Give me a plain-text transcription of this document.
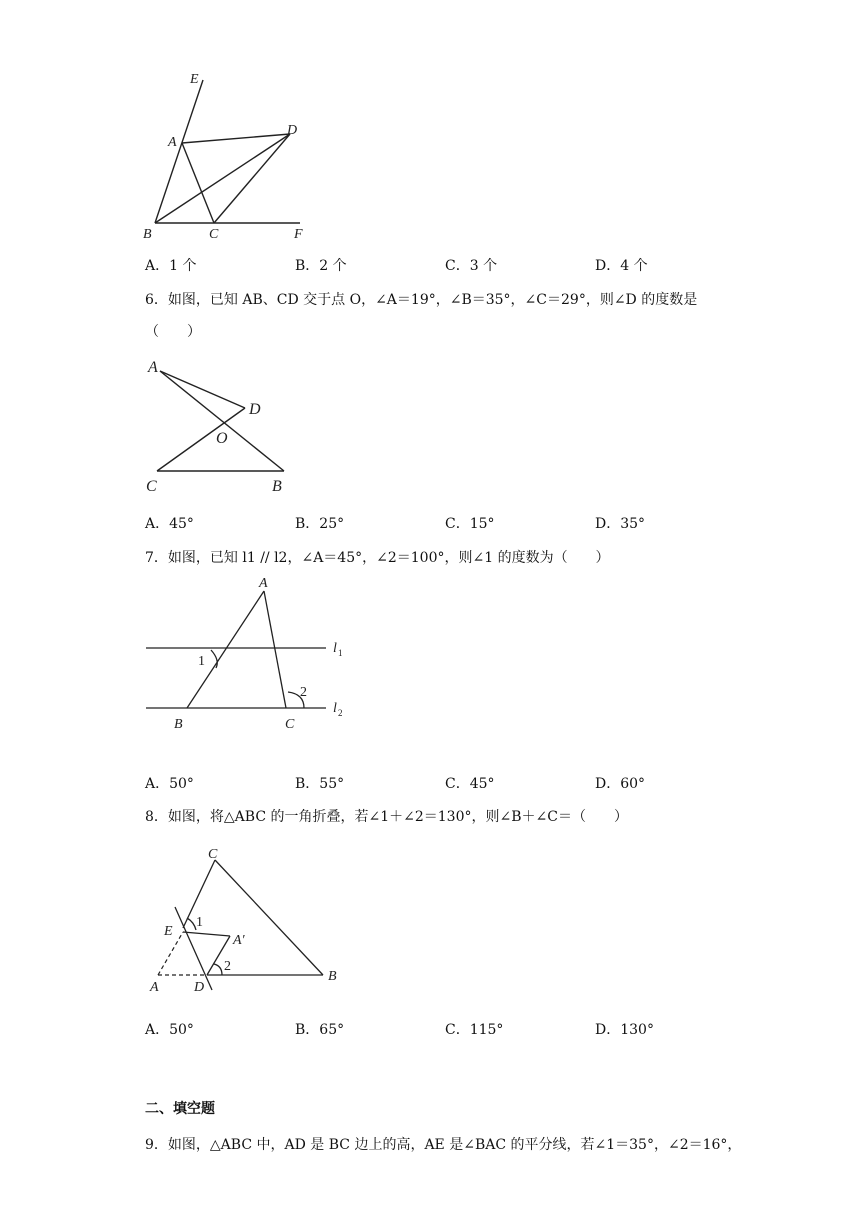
E
A
D
B	C	F
A．1 个	B．2 个	C．3 个	D．4 个
6．如图，已知 AB、CD 交于点 O，∠A＝19°，∠B＝35°，∠C＝29°，则∠D 的度数是
（　　）
A
D
O
C	B
A．45°	B．25°	C．15°	D．35°
7．如图，已知 l1 // l2，∠A＝45°，∠2＝100°，则∠1 的度数为（　　）
A
l 1
l 2
1
2
B	C
A．50°	B．55°	C．45°	D．60°
8．如图，将△ABC 的一角折叠，若∠1＋∠2＝130°，则∠B＋∠C＝（　　）
C
E
1
A′
2
A	D
B
A．50°	B．65°	C．115°	D．130°
二、填空题
9．如图，△ABC 中，AD 是 BC 边上的高，AE 是∠BAC 的平分线，若∠1＝35°，∠2＝16°，
